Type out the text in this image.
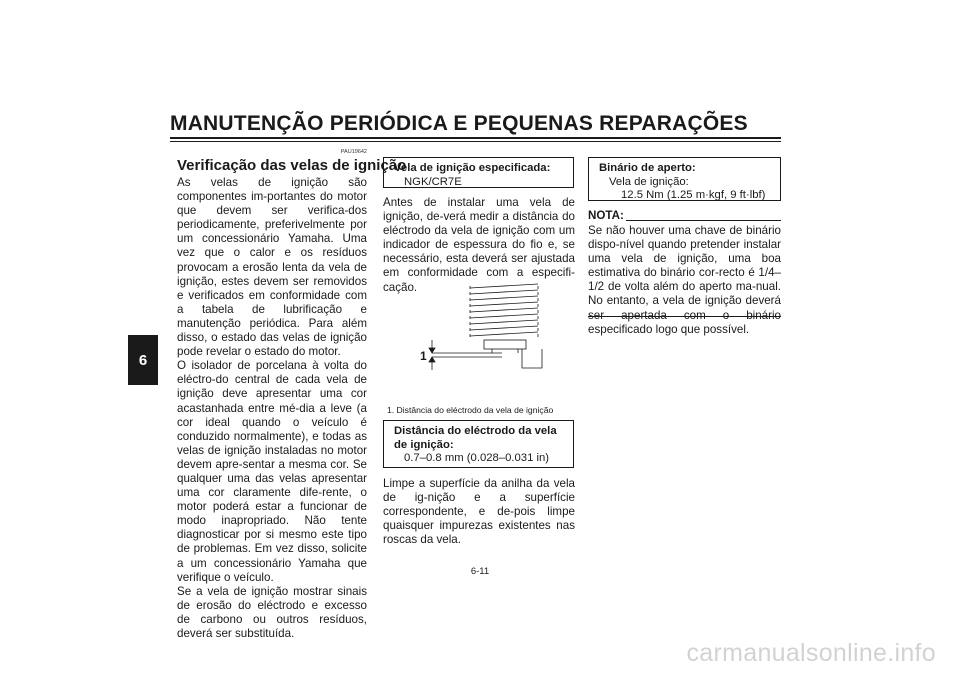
MANUTENÇÃO PERIÓDICA E PEQUENAS REPARAÇÕES
6
PAU19642
Verificação das velas de ignição

As velas de ignição são componentes im-portantes do motor que devem ser verifica-dos periodicamente, preferivelmente por um concessionário Yamaha. Uma vez que o calor e os resíduos provocam a erosão lenta da vela de ignição, estes devem ser removidos e verificados em conformidade com a tabela de lubrificação e manutenção periódica. Para além disso, o estado das velas de ignição pode revelar o estado do motor.

O isolador de porcelana à volta do eléctro-do central de cada vela de ignição deve apresentar uma cor acastanhada entre mé-dia a leve (a cor ideal quando o veículo é conduzido normalmente), e todas as velas de ignição instaladas no motor devem apre-sentar a mesma cor. Se qualquer uma das velas apresentar uma cor claramente dife-rente, o motor poderá estar a funcionar de modo inapropriado. Não tente diagnosticar por si mesmo este tipo de problemas. Em vez disso, solicite a um concessionário Yamaha que verifique o veículo.

Se a vela de ignição mostrar sinais de erosão do eléctrodo e excesso de carbono ou outros resíduos, deverá ser substituída.

Vela de ignição especificada:
NGK/CR7E
Antes de instalar uma vela de ignição, de-verá medir a distância do eléctrodo da vela de ignição com um indicador de espessura do fio e, se necessário, esta deverá ser ajustada em conformidade com a especifi-cação.
1
1. Distância do eléctrodo da vela de ignição
Distância do eléctrodo da vela de ignição:
0.7–0.8 mm (0.028–0.031 in)
Limpe a superfície da anilha da vela de ig-nição e a superfície correspondente, e de-pois limpe quaisquer impurezas existentes nas roscas da vela.
Binário de aperto:
Vela de ignição:
12.5 Nm (1.25 m·kgf, 9 ft·lbf)
NOTA:
Se não houver uma chave de binário dispo-nível quando pretender instalar uma vela de ignição, uma boa estimativa do binário cor-recto é 1/4–1/2 de volta além do aperto ma-nual. No entanto, a vela de ignição deverá especificado logo que possível.
6-11
carmanualsonline.info
